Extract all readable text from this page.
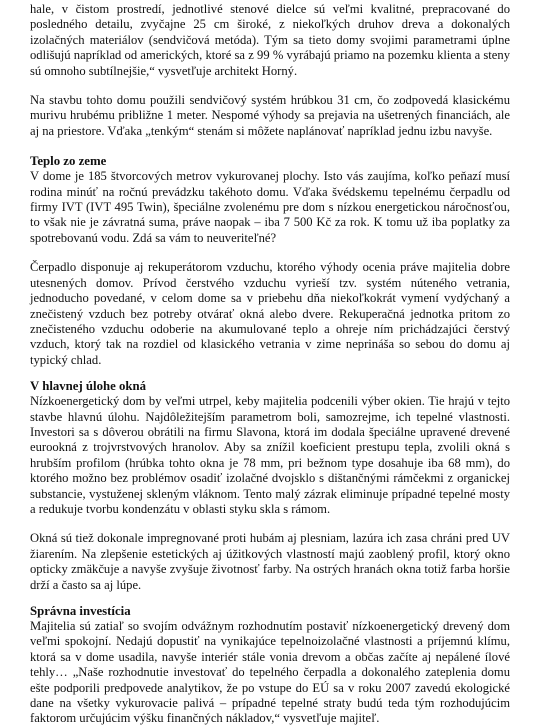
hale, v čistom prostredí, jednotlivé stenové dielce sú veľmi kvalitné, prepracované do posledného detailu, zvyčajne 25 cm široké, z niekoľkých druhov dreva a dokonalých izolačných materiálov (sendvičová metóda). Tým sa tieto domy svojimi parametrami úplne odlišujú napríklad od amerických, ktoré sa z 99 % vyrábajú priamo na pozemku klienta a steny sú omnoho subtílnejšie,“ vysvetľuje architekt Horný.

Na stavbu tohto domu použili sendvičový systém hrúbkou 31 cm, čo zodpovedá klasickému murivu hrubému približne 1 meter. Nespomé výhody sa prejavia na ušetrených financiách, ale aj na priestore. Vďaka „tenkým“ stenám si môžete naplánovať napríklad jednu izbu navyše.

Teplo zo zeme

V dome je 185 štvorcových metrov vykurovanej plochy. Isto vás zaujíma, koľko peňazí musí rodina minúť na ročnú prevádzku takéhoto domu. Vďaka švédskemu tepelnému čerpadlu od firmy IVT (IVT 495 Twin), špeciálne zvolenému pre dom s nízkou energetickou náročnosťou, to však nie je závratná suma, práve naopak – iba 7 500 Kč za rok. K tomu už iba poplatky za spotrebovanú vodu. Zdá sa vám to neuveriteľné?

Čerpadlo disponuje aj rekuperátorom vzduchu, ktorého výhody ocenia práve majitelia dobre utesnených domov. Prívod čerstvého vzduchu vyrieší tzv. systém núteného vetrania, jednoducho povedané, v celom dome sa v priebehu dňa niekoľkokrát vymení vydýchaný a znečistený vzduch bez potreby otvárať okná alebo dvere. Rekuperačná jednotka pritom zo znečisteného vzduchu odoberie na akumulované teplo a ohreje ním prichádzajúci čerstvý vzduch, ktorý tak na rozdiel od klasického vetrania v zime neprináša so sebou do domu aj typický chlad.

V hlavnej úlohe okná

Nízkoenergetický dom by veľmi utrpel, keby majitelia podcenili výber okien. Tie hrajú v tejto stavbe hlavnú úlohu. Najdôležitejším parametrom boli, samozrejme, ich tepelné vlastnosti. Investori sa s dôverou obrátili na firmu Slavona, ktorá im dodala špeciálne upravené drevené eurookná z trojvrstvových hranolov. Aby sa znížil koeficient prestupu tepla, zvolili okná s hrubším profilom (hrúbka tohto okna je 78 mm, pri bežnom type dosahuje iba 68 mm), do ktorého možno bez problémov osadiť izolačné dvojsklo s dištančnými rámčekmi z organickej substancie, vystuženej skleným vláknom. Tento malý zázrak eliminuje prípadné tepelné mosty a redukuje tvorbu kondenzátu v oblasti styku skla s rámom.

Okná sú tiež dokonale impregnované proti hubám aj plesniam, lazúra ich zasa chráni pred UV žiarením. Na zlepšenie estetických aj úžitkových vlastností majú zaoblený profil, ktorý okno opticky zmäkčuje a navyše zvyšuje životnosť farby. Na ostrých hranách okna totiž farba horšie drží a často sa aj lúpe.

Správna investícia

Majitelia sú zatiaľ so svojím odvážnym rozhodnutím postaviť nízkoenergetický drevený dom veľmi spokojní. Nedajú dopustiť na vynikajúce tepelnoizolačné vlastnosti a príjemnú klímu, ktorá sa v dome usadila, navyše interiér stále vonia drevom a občas začíte aj nepálené ílové tehly… „Naše rozhodnutie investovať do tepelného čerpadla a dokonalého zateplenia domu ešte podporili predpovede analytikov, že po vstupe do EÚ sa v roku 2007 zavedú ekologické dane na všetky vykurovacie palivá – prípadné tepelné straty budú teda tým rozhodujúcim faktorom určujúcim výšku finančných nákladov,“ vysvetľuje majiteľ.
